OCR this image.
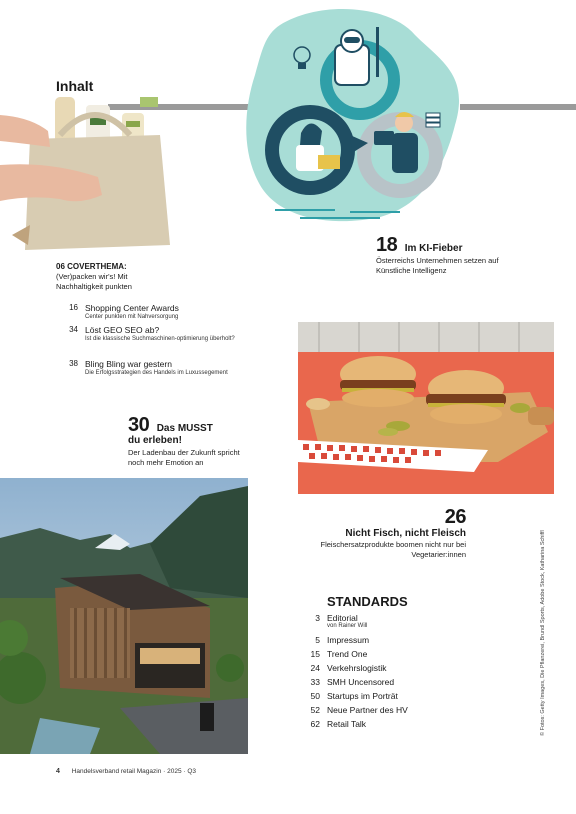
Inhalt
06 COVERTHEMA:
(Ver)packen wir's! Mit Nachhaltigkeit punkten
16 Shopping Center Awards
Center punkten mit Nahversorgung
34 Löst GEO SEO ab?
Ist die klassische Suchmaschinen-optimierung überholt?
38 Bling Bling war gestern
Die Erfolgsstrategien des Handels im Luxussegement
18 Im KI-Fieber
Österreichs Unternehmen setzen auf Künstliche Intelligenz
30 Das MUSST
du erleben!
Der Ladenbau der Zukunft spricht noch mehr Emotion an
26
Nicht Fisch, nicht Fleisch
Fleischersatzprodukte boomen nicht nur bei Vegetarier:innen
STANDARDS
3 Editorial
von Rainer Will
5 Impressum
15 Trend One
24 Verkehrslogistik
33 SMH Uncensored
50 Startups im Porträt
52 Neue Partner des HV
62 Retail Talk	© Fotos: Getty Images, Die Pflanzerei, Brundl Sports, Adobe Stock, Katharina Schiffl
4 Handelsverband retail Magazin · 2025 · Q3
